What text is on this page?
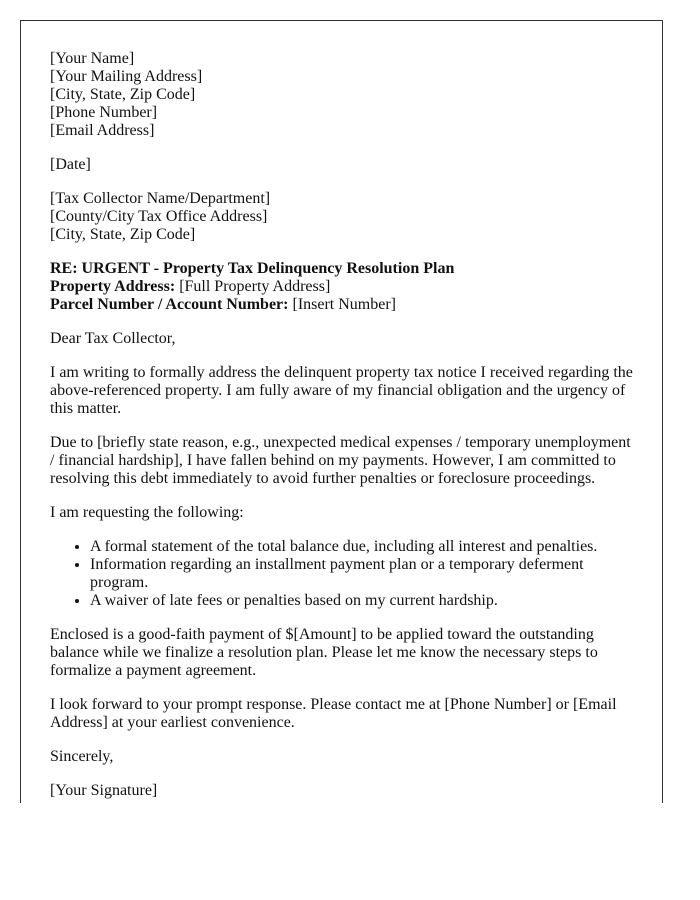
[Your Name]
[Your Mailing Address]
[City, State, Zip Code]
[Phone Number]
[Email Address]

[Date]

[Tax Collector Name/Department]
[County/City Tax Office Address]
[City, State, Zip Code]

RE: URGENT - Property Tax Delinquency Resolution Plan
Property Address: [Full Property Address]
Parcel Number / Account Number: [Insert Number]

Dear Tax Collector,

I am writing to formally address the delinquent property tax notice I received regarding the above-referenced property. I am fully aware of my financial obligation and the urgency of this matter.

Due to [briefly state reason, e.g., unexpected medical expenses / temporary unemployment / financial hardship], I have fallen behind on my payments. However, I am committed to resolving this debt immediately to avoid further penalties or foreclosure proceedings.

I am requesting the following:

• A formal statement of the total balance due, including all interest and penalties.
• Information regarding an installment payment plan or a temporary deferment program.
• A waiver of late fees or penalties based on my current hardship.

Enclosed is a good-faith payment of $[Amount] to be applied toward the outstanding balance while we finalize a resolution plan. Please let me know the necessary steps to formalize a payment agreement.

I look forward to your prompt response. Please contact me at [Phone Number] or [Email Address] at your earliest convenience.

Sincerely,

[Your Signature]
